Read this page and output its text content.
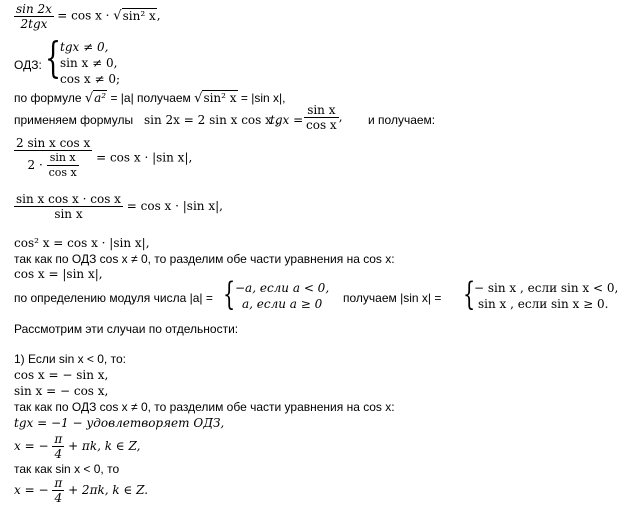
$\frac{\sin 2x}{\text{2tgx}} = \cos x \cdot √\sin^2$ x,
ОДЗ: {
tgx ≠ 0,
sin x ≠ 0,
cos x ≠ 0;
по формуле √a² = |a| получаем √sin² x = |sin x|,
применяем формулы sin 2x = 2 sin x cos x ,
tgx = $\frac{\text{sin x}}{\text{cos x}}$ , и получаем:
$\frac{\text{2 sin x cos x}}{2 \cdot \frac{\text{sin x}}{\text{cos x}}} = \cos x \cdot |\sin$ x|,
$\frac{\text{sin x cos x · cos x}}{\text{sin x}} = \cos x \cdot |\sin$ x|,
cos² x = cos x · |sin x|,
так как по ОДЗ cos x ≠ 0, то разделим обе части уравнения на cos x:
cos x = |sin x|,
по определению модуля числа |a| = { −a, если a < 0,
a, если a ≥ 0 получаем |sin x| = {
− sin x , если sin x < 0,
sin x , если sin x ≥ 0.
Рассмотрим эти случаи по отдельности:
1) Если sin x < 0, то:
cos x = − sin x,
sin x = − cos x,
так как по ОДЗ cos x ≠ 0, то разделим обе части уравнения на cos x:
tgx = −1 − удовлетворяет ОДЗ,
x = − $\frac{\pi}{4} + \pi k$, k ∈ Z,
так как sin x < 0, то
x = − $\frac{\pi}{4} + 2\pi k$, k ∈ Z.
